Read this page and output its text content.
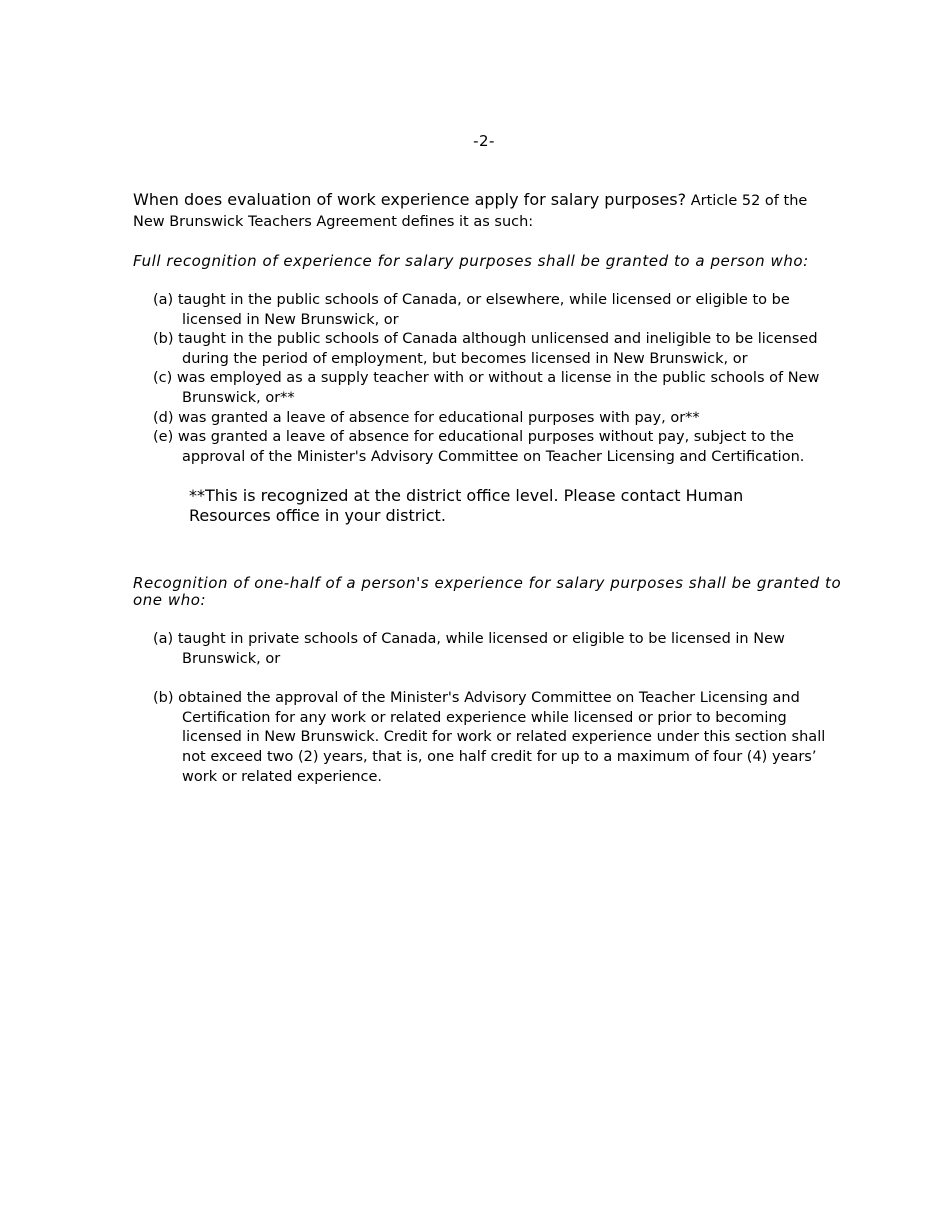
-2-

When does evaluation of work experience apply for salary purposes? Article 52 of the New Brunswick Teachers Agreement defines it as such:

Full recognition of experience for salary purposes shall be granted to a person who:

(a) taught in the public schools of Canada, or elsewhere, while licensed or eligible to be licensed in New Brunswick, or
(b) taught in the public schools of Canada although unlicensed and ineligible to be licensed during the period of employment, but becomes licensed in New Brunswick, or
(c) was employed as a supply teacher with or without a license in the public schools of New Brunswick, or**
(d) was granted a leave of absence for educational purposes with pay, or**
(e) was granted a leave of absence for educational purposes without pay, subject to the approval of the Minister's Advisory Committee on Teacher Licensing and Certification.

**This is recognized at the district office level. Please contact Human Resources office in your district.

Recognition of one-half of a person's experience for salary purposes shall be granted to one who:

(a) taught in private schools of Canada, while licensed or eligible to be licensed in New Brunswick, or
(b) obtained the approval of the Minister's Advisory Committee on Teacher Licensing and Certification for any work or related experience while licensed or prior to becoming licensed in New Brunswick. Credit for work or related experience under this section shall not exceed two (2) years, that is, one half credit for up to a maximum of four (4) years’ work or related experience.
